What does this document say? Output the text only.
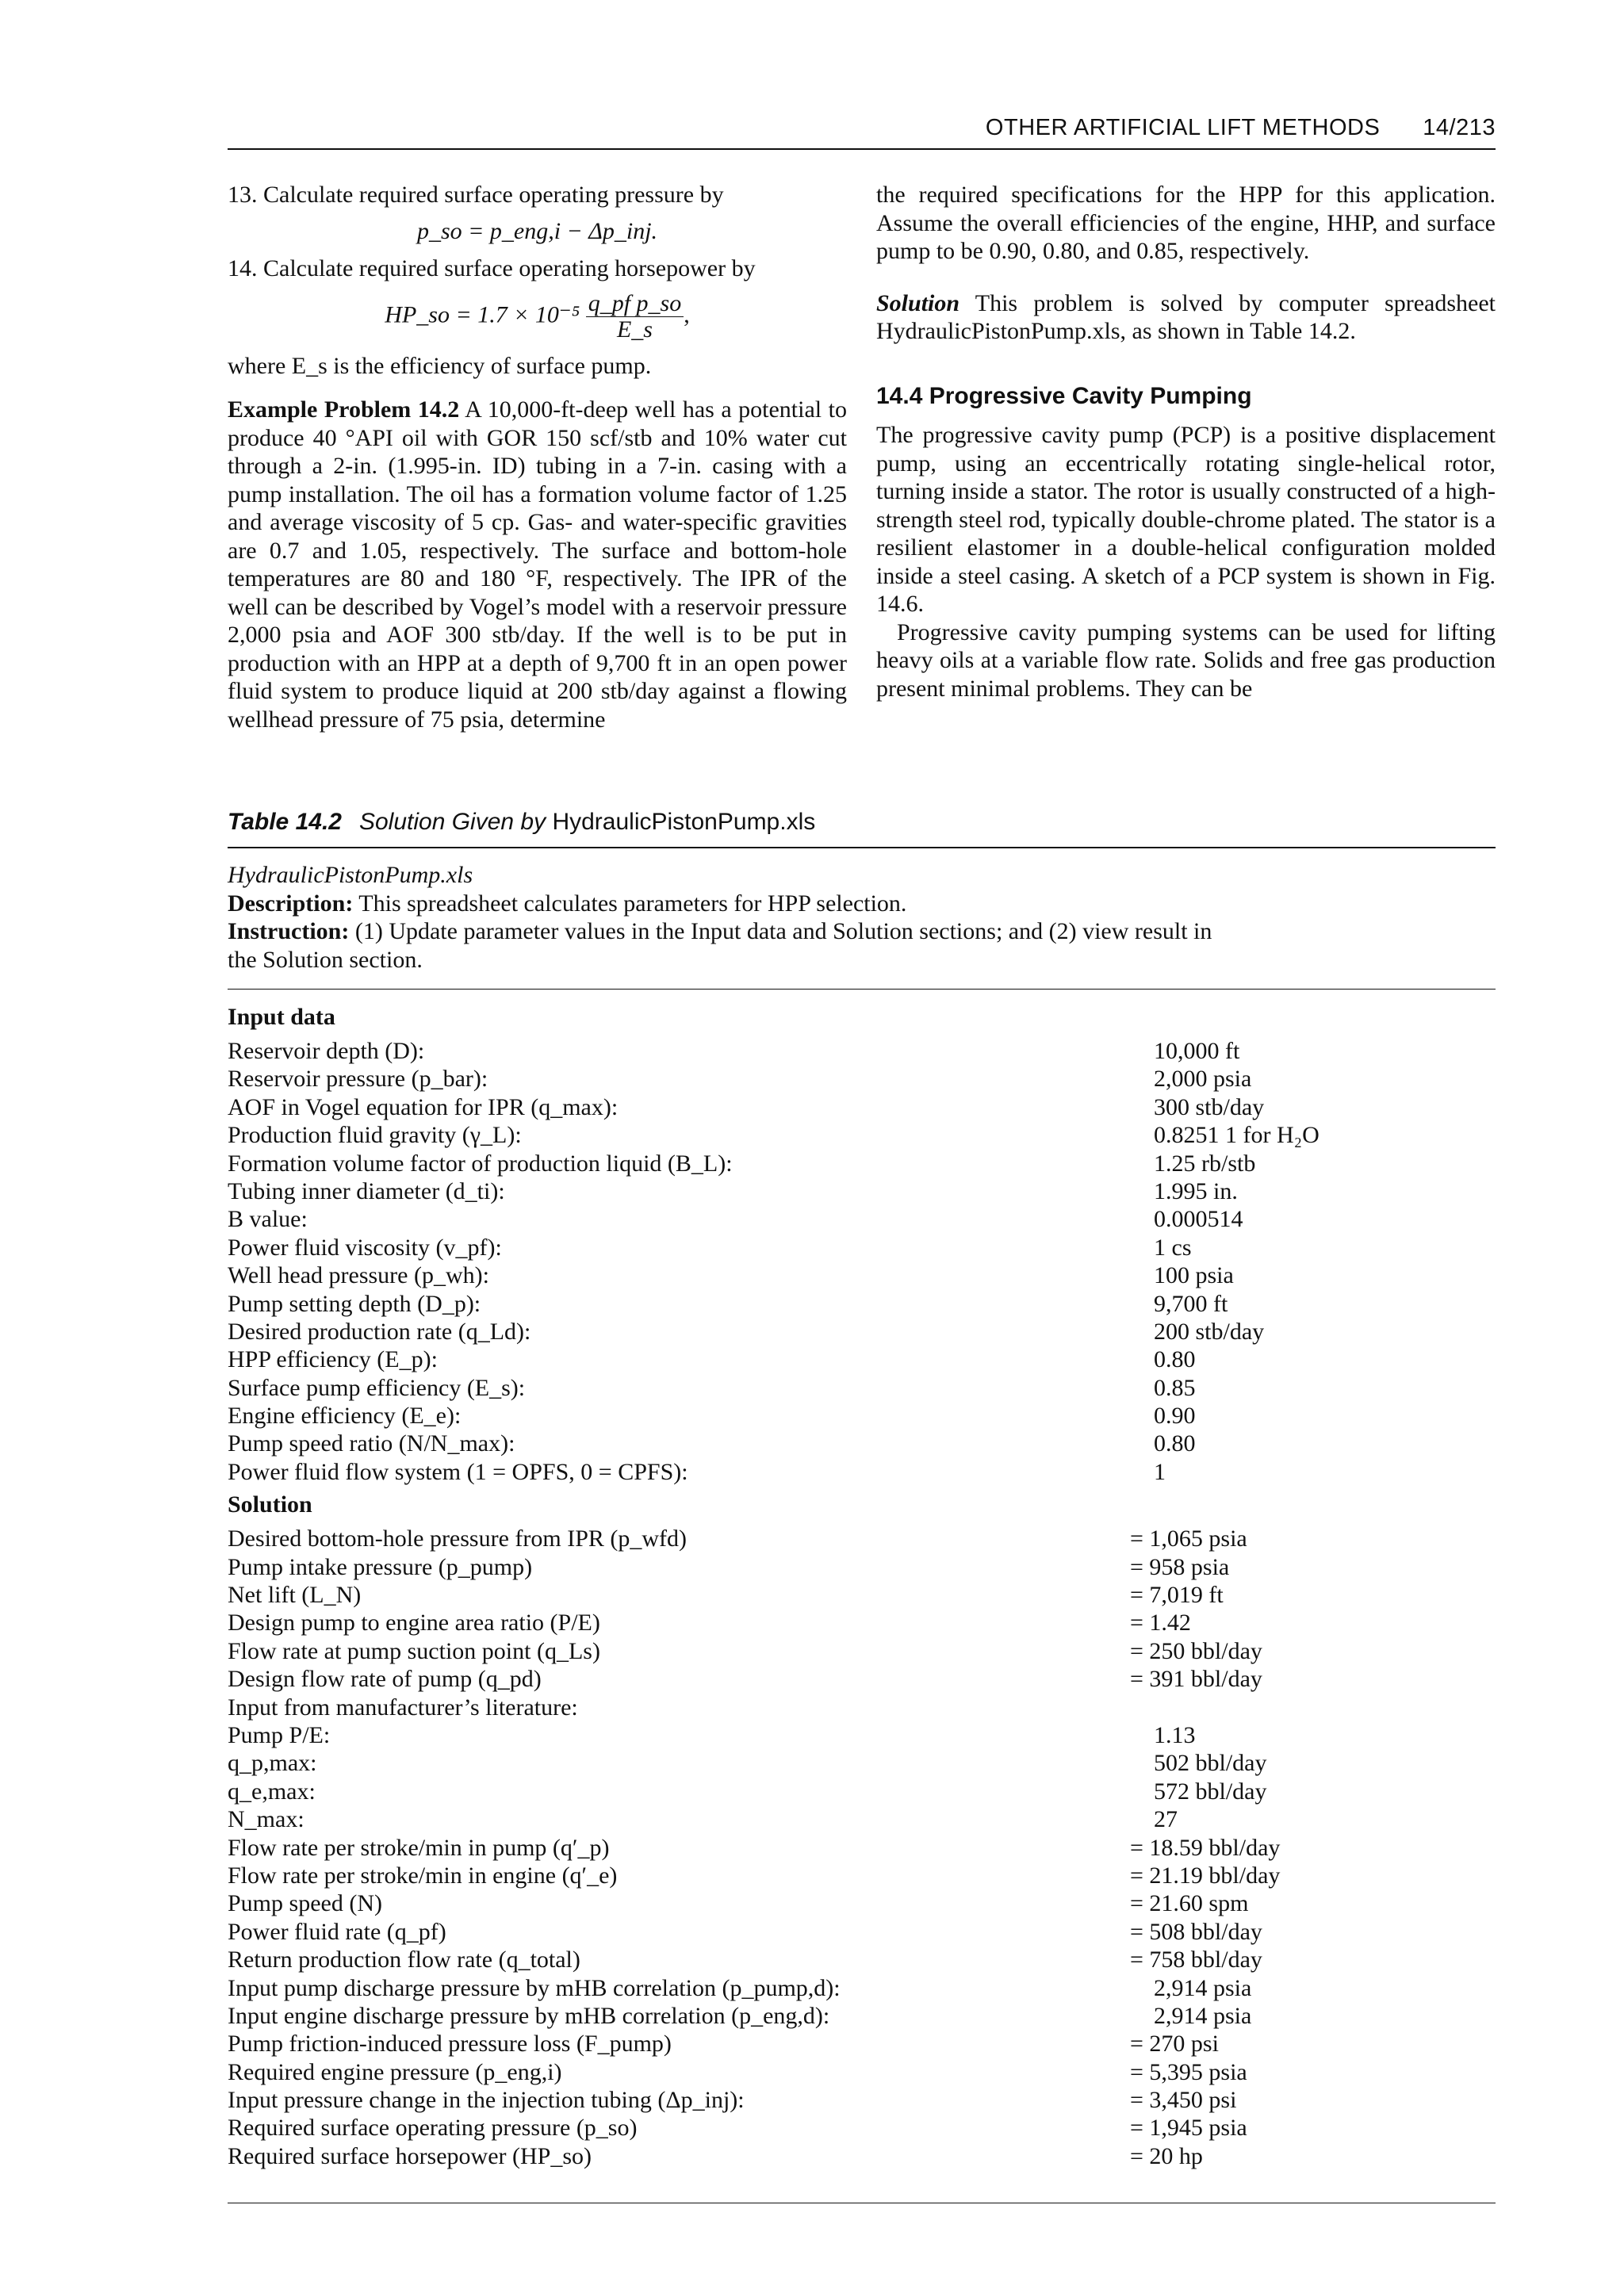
OTHER ARTIFICIAL LIFT METHODS 14/213

13. Calculate required surface operating pressure by

p_so = p_eng,i − Δp_inj.

14. Calculate required surface operating horsepower by

HP_so = $1.7 \times 10^{-5} \frac{\text{q\_pf p\_so}}{E\_s}$ ,

where E_s is the efficiency of surface pump.

Example Problem 14.2 A 10,000-ft-deep well has a potential to produce 40 °API oil with GOR 150 scf/stb and 10% water cut through a 2-in. (1.995-in. ID) tubing in a 7-in. casing with a pump installation. The oil has a formation volume factor of 1.25 and average viscosity of 5 cp. Gas- and water-specific gravities are 0.7 and 1.05, respectively. The surface and bottom-hole temperatures are 80 and 180 °F, respectively. The IPR of the well can be described by Vogel’s model with a reservoir pressure 2,000 psia and AOF 300 stb/day. If the well is to be put in production with an HPP at a depth of 9,700 ft in an open power fluid system to produce liquid at 200 stb/day against a flowing wellhead pressure of 75 psia, determine

the required specifications for the HPP for this application. Assume the overall efficiencies of the engine, HHP, and surface pump to be 0.90, 0.80, and 0.85, respectively.

Solution This problem is solved by computer spreadsheet HydraulicPistonPump.xls, as shown in Table 14.2.

14.4 Progressive Cavity Pumping

The progressive cavity pump (PCP) is a positive displacement pump, using an eccentrically rotating single-helical rotor, turning inside a stator. The rotor is usually constructed of a high-strength steel rod, typically double-chrome plated. The stator is a resilient elastomer in a double-helical configuration molded inside a steel casing. A sketch of a PCP system is shown in Fig. 14.6.

Progressive cavity pumping systems can be used for lifting heavy oils at a variable flow rate. Solids and free gas production present minimal problems. They can be

Table 14.2 Solution Given by HydraulicPistonPump.xls
HydraulicPistonPump.xls
Description: This spreadsheet calculates parameters for HPP selection.
Instruction: (1) Update parameter values in the Input data and Solution sections; and (2) view result in the Solution section.
Input data
Reservoir depth (D):	10,000 ft
Reservoir pressure (p_bar):	2,000 psia
AOF in Vogel equation for IPR (q_max):	300 stb/day
Production fluid gravity (γ_L):	0.8251 1 for H₂O
Formation volume factor of production liquid (B_L):	1.25 rb/stb
Tubing inner diameter (d_ti):	1.995 in.
B value:	0.000514
Power fluid viscosity (v_pf):	1 cs
Well head pressure (p_wh):	100 psia
Pump setting depth (D_p):	9,700 ft
Desired production rate (q_Ld):	200 stb/day
HPP efficiency (E_p):	0.80
Surface pump efficiency (E_s):	0.85
Engine efficiency (E_e):	0.90
Pump speed ratio (N/N_max):	0.80
Power fluid flow system (1 = OPFS, 0 = CPFS):	1
Solution
Desired bottom-hole pressure from IPR (p_wfd)	= 1,065 psia
Pump intake pressure (p_pump)	= 958 psia
Net lift (L_N)	= 7,019 ft
Design pump to engine area ratio (P/E)	= 1.42
Flow rate at pump suction point (q_Ls)	= 250 bbl/day
Design flow rate of pump (q_pd)	= 391 bbl/day
Input from manufacturer’s literature:
Pump P/E:	1.13
q_p,max:	502 bbl/day
q_e,max:	572 bbl/day
N_max:	27
Flow rate per stroke/min in pump (q′_p)	= 18.59 bbl/day
Flow rate per stroke/min in engine (q′_e)	= 21.19 bbl/day
Pump speed (N)	= 21.60 spm
Power fluid rate (q_pf)	= 508 bbl/day
Return production flow rate (q_total)	= 758 bbl/day
Input pump discharge pressure by mHB correlation (p_pump,d):	2,914 psia
Input engine discharge pressure by mHB correlation (p_eng,d):	2,914 psia
Pump friction-induced pressure loss (F_pump)	= 270 psi
Required engine pressure (p_eng,i)	= 5,395 psia
Input pressure change in the injection tubing (Δp_inj):	= 3,450 psi
Required surface operating pressure (p_so)	= 1,945 psia
Required surface horsepower (HP_so)	= 20 hp
